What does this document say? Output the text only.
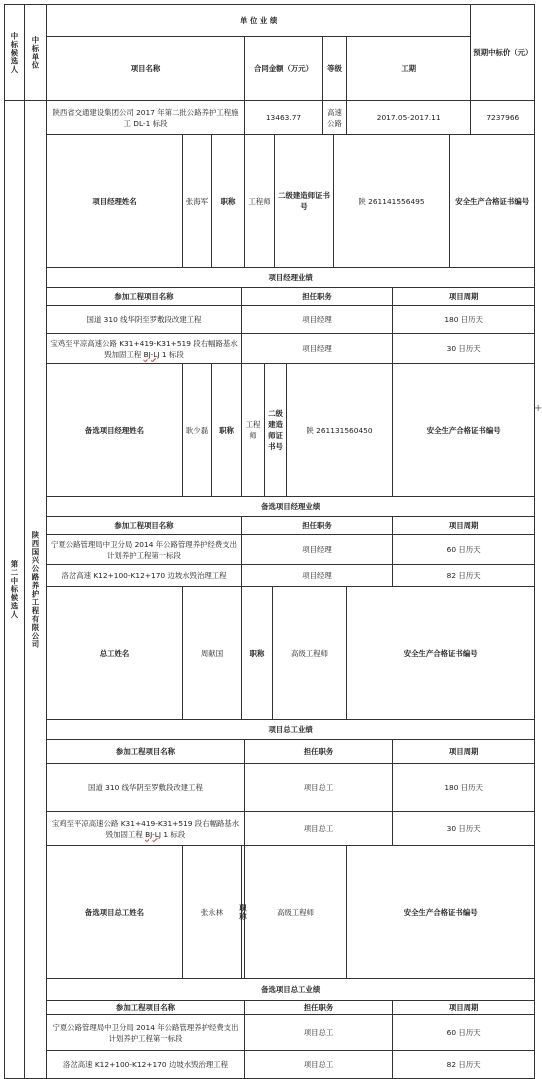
中标候选人	中标单位	单 位 业 绩														预期中标价（元）	
		项目名称				合同金额（万元）					等级		工期				

第二中标候选人	陕西国兴公路养护工程有限公司	陕西省交通建设集团公司 2017 年第二批公路养护工程施工 DL-1 标段				13463.77					高速公路		2017.05-2017.11			7237966	
		项目经理姓名	张海军	职称		工程师			二级建造师证书号			陕 261141556495			安全生产合格证书编号	
		项目经理业绩															
		参加工程项目名称			担任职务									项目周期			
		国道 310 线华阴至罗敷段改建工程			项目经理									180 日历天			
		宝鸡至平凉高速公路 K31+419-K31+519 段右幅路基水毁加固工程 BJ-LJ 1 标段			项目经理									30 日历天			
		备选项目经理姓名	耿少磊	职称	工程师		二级建造师证书号			陕 261131560450				安全生产合格证书编号	
		备选项目经理业绩															
		参加工程项目名称			担任职务									项目周期			
		宁夏公路管理局中卫分局 2014 年公路管理养护经费支出计划养护工程第一标段			项目经理									60 日历天			
		洛岔高速 K12+100-K12+170 边坡水毁治理工程			项目经理									82 日历天			
		总工姓名	周献国		职称			高级工程师					安全生产合格证书编号	
		项目总工业绩															
		参加工程项目名称				担任职务								项目周期			
		国道 310 线华阴至罗敷段改建工程				项目总工								180 日历天			
		宝鸡至平凉高速公路 K31+419-K31+519 段右幅路基水毁加固工程 BJ-LJ 1 标段				项目总工								30 日历天			
		备选项目总工姓名	张永林		职称	高级工程师							安全生产合格证书编号	
		备选项目总工业绩															
		参加工程项目名称				担任职务								项目周期			
		宁夏公路管理局中卫分局 2014 年公路管理养护经费支出计划养护工程第一标段				项目总工								60 日历天			
		洛岔高速 K12+100-K12+170 边坡水毁治理工程				项目总工								82 日历天			
+
